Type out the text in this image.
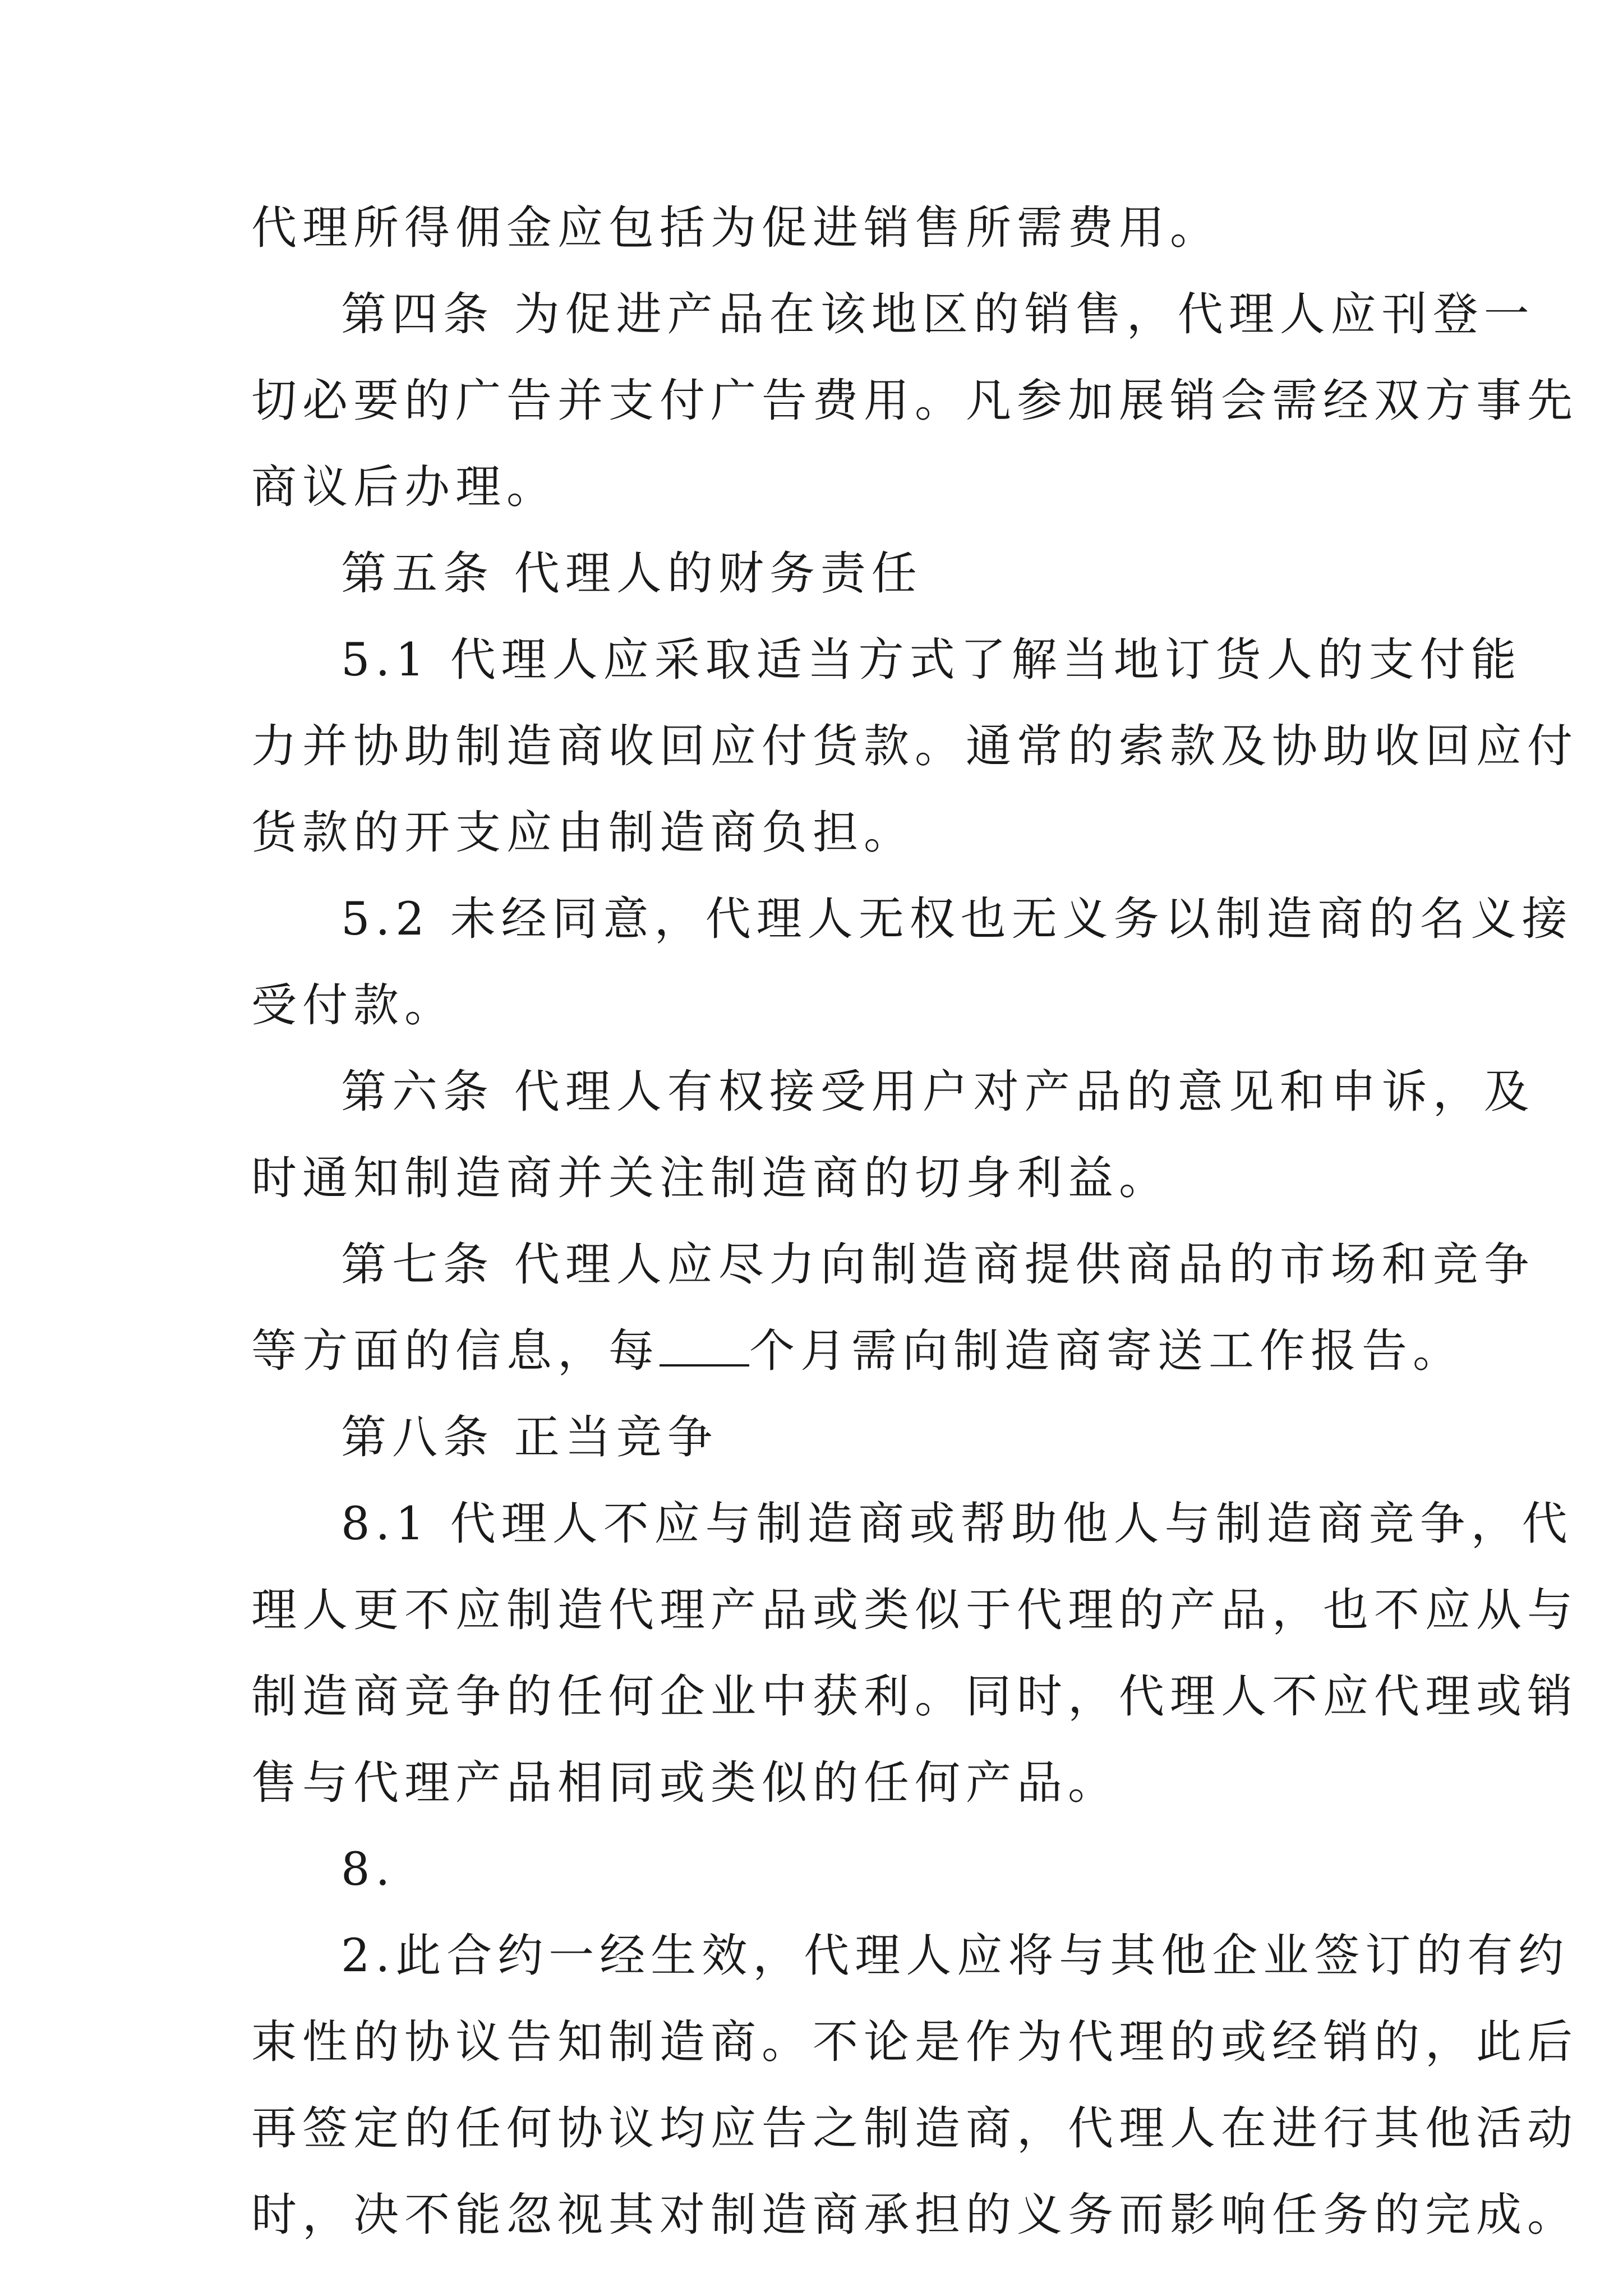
代理所得佣金应包括为促进销售所需费用。
第四条 为促进产品在该地区的销售，代理人应刊登一
切必要的广告并支付广告费用。凡参加展销会需经双方事先
商议后办理。
第五条 代理人的财务责任
5.1 代理人应采取适当方式了解当地订货人的支付能
力并协助制造商收回应付货款。通常的索款及协助收回应付
货款的开支应由制造商负担。
5.2 未经同意，代理人无权也无义务以制造商的名义接
受付款。
第六条 代理人有权接受用户对产品的意见和申诉，及
时通知制造商并关注制造商的切身利益。
第七条 代理人应尽力向制造商提供商品的市场和竞争
等方面的信息，每 个月需向制造商寄送工作报告。
第八条 正当竞争
8.1 代理人不应与制造商或帮助他人与制造商竞争，代
理人更不应制造代理产品或类似于代理的产品，也不应从与
制造商竞争的任何企业中获利。同时，代理人不应代理或销
售与代理产品相同或类似的任何产品。
8.
2.此合约一经生效，代理人应将与其他企业签订的有约
束性的协议告知制造商。不论是作为代理的或经销的，此后
再签定的任何协议均应告之制造商，代理人在进行其他活动
时，决不能忽视其对制造商承担的义务而影响任务的完成。
